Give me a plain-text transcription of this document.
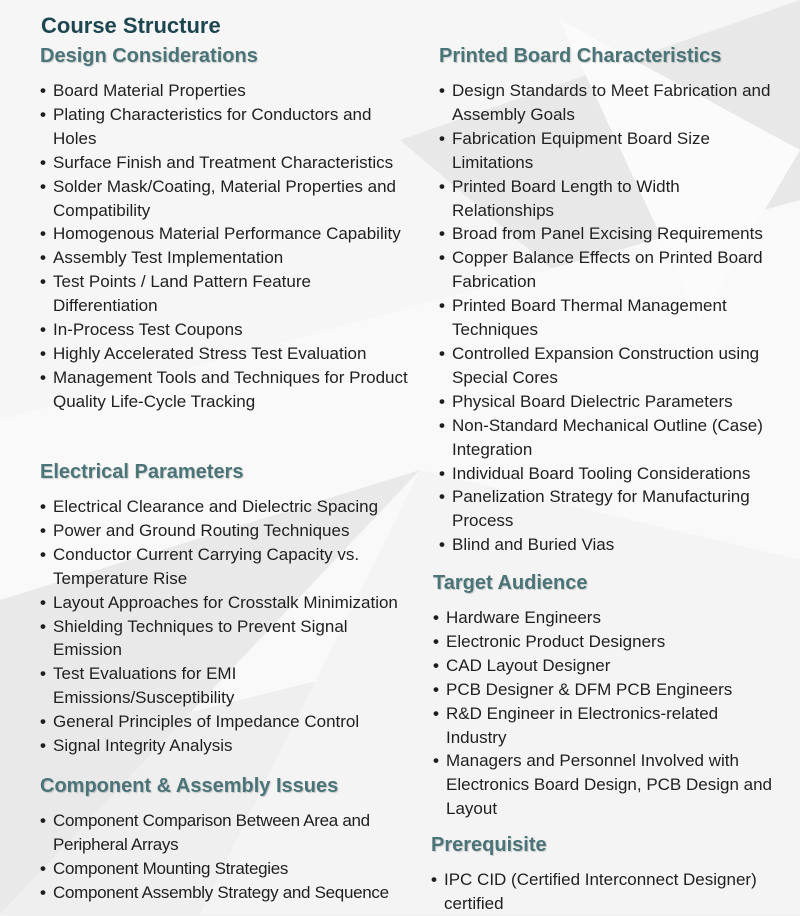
Course Structure
Design Considerations
• Board Material Properties
• Plating Characteristics for Conductors and Holes
• Surface Finish and Treatment Characteristics
• Solder Mask/Coating, Material Properties and Compatibility
• Homogenous Material Performance Capability
• Assembly Test Implementation
• Test Points / Land Pattern Feature Differentiation
• In-Process Test Coupons
• Highly Accelerated Stress Test Evaluation
• Management Tools and Techniques for Product Quality Life-Cycle Tracking
Electrical Parameters
• Electrical Clearance and Dielectric Spacing
• Power and Ground Routing Techniques
• Conductor Current Carrying Capacity vs. Temperature Rise
• Layout Approaches for Crosstalk Minimization
• Shielding Techniques to Prevent Signal Emission
• Test Evaluations for EMI Emissions/Susceptibility
• General Principles of Impedance Control
• Signal Integrity Analysis
Component & Assembly Issues
• Component Comparison Between Area and Peripheral Arrays
• Component Mounting Strategies
• Component Assembly Strategy and Sequence
Printed Board Characteristics
• Design Standards to Meet Fabrication and Assembly Goals
• Fabrication Equipment Board Size Limitations
• Printed Board Length to Width Relationships
• Broad from Panel Excising Requirements
• Copper Balance Effects on Printed Board Fabrication
• Printed Board Thermal Management Techniques
• Controlled Expansion Construction using Special Cores
• Physical Board Dielectric Parameters
• Non-Standard Mechanical Outline (Case) Integration
• Individual Board Tooling Considerations
• Panelization Strategy for Manufacturing Process
• Blind and Buried Vias
Target Audience
• Hardware Engineers
• Electronic Product Designers
• CAD Layout Designer
• PCB Designer & DFM PCB Engineers
• R&D Engineer in Electronics-related Industry
• Managers and Personnel Involved with Electronics Board Design, PCB Design and Layout
Prerequisite
• IPC CID (Certified Interconnect Designer) certified
